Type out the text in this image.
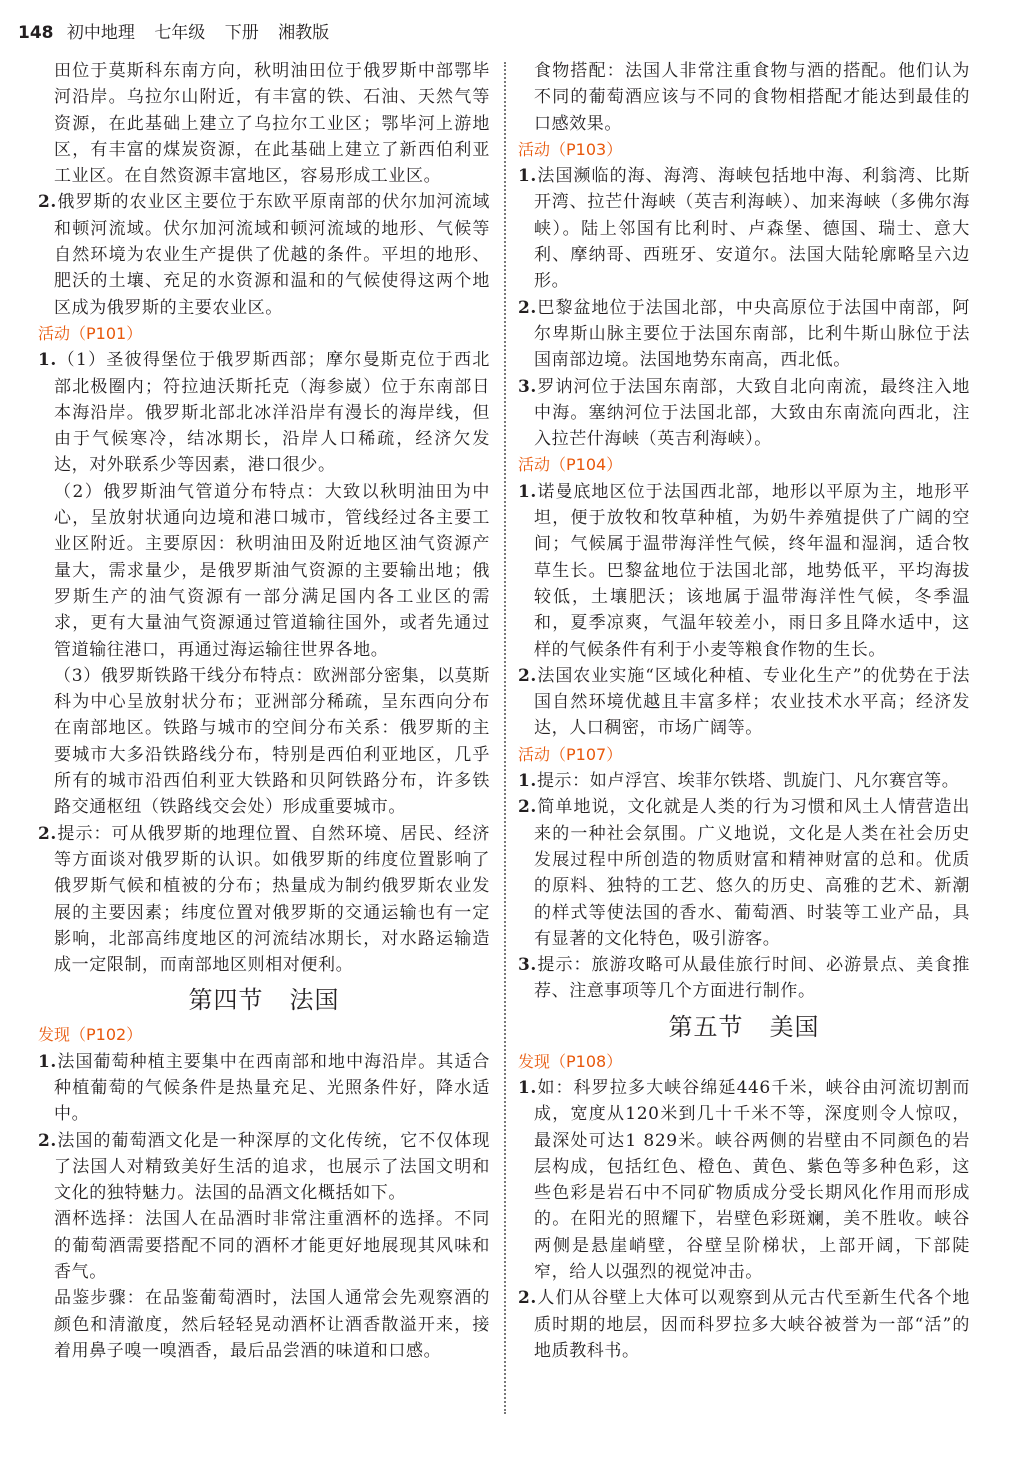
148 初中地理 七年级 下册 湘教版

田位于莫斯科东南方向，秋明油田位于俄罗斯中部鄂毕河沿岸。乌拉尔山附近，有丰富的铁、石油、天然气等资源，在此基础上建立了乌拉尔工业区；鄂毕河上游地区，有丰富的煤炭资源，在此基础上建立了新西伯利亚工业区。在自然资源丰富地区，容易形成工业区。

2.俄罗斯的农业区主要位于东欧平原南部的伏尔加河流域和顿河流域。伏尔加河流域和顿河流域的地形、气候等自然环境为农业生产提供了优越的条件。平坦的地形、肥沃的土壤、充足的水资源和温和的气候使得这两个地区成为俄罗斯的主要农业区。

活动（P101）

1.（1）圣彼得堡位于俄罗斯西部；摩尔曼斯克位于西北部北极圈内；符拉迪沃斯托克（海参崴）位于东南部日本海沿岸。俄罗斯北部北冰洋沿岸有漫长的海岸线，但由于气候寒冷，结冰期长，沿岸人口稀疏，经济欠发达，对外联系少等因素，港口很少。

（2）俄罗斯油气管道分布特点：大致以秋明油田为中心，呈放射状通向边境和港口城市，管线经过各主要工业区附近。主要原因：秋明油田及附近地区油气资源产量大，需求量少，是俄罗斯油气资源的主要输出地；俄罗斯生产的油气资源有一部分满足国内各工业区的需求，更有大量油气资源通过管道输往国外，或者先通过管道输往港口，再通过海运输往世界各地。

（3）俄罗斯铁路干线分布特点：欧洲部分密集，以莫斯科为中心呈放射状分布；亚洲部分稀疏，呈东西向分布在南部地区。铁路与城市的空间分布关系：俄罗斯的主要城市大多沿铁路线分布，特别是西伯利亚地区，几乎所有的城市沿西伯利亚大铁路和贝阿铁路分布，许多铁路交通枢纽（铁路线交会处）形成重要城市。

2.提示：可从俄罗斯的地理位置、自然环境、居民、经济等方面谈对俄罗斯的认识。如俄罗斯的纬度位置影响了俄罗斯气候和植被的分布；热量成为制约俄罗斯农业发展的主要因素；纬度位置对俄罗斯的交通运输也有一定影响，北部高纬度地区的河流结冰期长，对水路运输造成一定限制，而南部地区则相对便利。

第四节 法国

发现（P102）

1.法国葡萄种植主要集中在西南部和地中海沿岸。其适合种植葡萄的气候条件是热量充足、光照条件好，降水适中。

2.法国的葡萄酒文化是一种深厚的文化传统，它不仅体现了法国人对精致美好生活的追求，也展示了法国文明和文化的独特魅力。法国的品酒文化概括如下。

酒杯选择：法国人在品酒时非常注重酒杯的选择。不同的葡萄酒需要搭配不同的酒杯才能更好地展现其风味和香气。

品鉴步骤：在品鉴葡萄酒时，法国人通常会先观察酒的颜色和清澈度，然后轻轻晃动酒杯让酒香散溢开来，接着用鼻子嗅一嗅酒香，最后品尝酒的味道和口感。

食物搭配：法国人非常注重食物与酒的搭配。他们认为不同的葡萄酒应该与不同的食物相搭配才能达到最佳的口感效果。

活动（P103）

1.法国濒临的海、海湾、海峡包括地中海、利翁湾、比斯开湾、拉芒什海峡（英吉利海峡）、加来海峡（多佛尔海峡）。陆上邻国有比利时、卢森堡、德国、瑞士、意大利、摩纳哥、西班牙、安道尔。法国大陆轮廓略呈六边形。

2.巴黎盆地位于法国北部，中央高原位于法国中南部，阿尔卑斯山脉主要位于法国东南部，比利牛斯山脉位于法国南部边境。法国地势东南高，西北低。

3.罗讷河位于法国东南部，大致自北向南流，最终注入地中海。塞纳河位于法国北部，大致由东南流向西北，注入拉芒什海峡（英吉利海峡）。

活动（P104）

1.诺曼底地区位于法国西北部，地形以平原为主，地形平坦，便于放牧和牧草种植，为奶牛养殖提供了广阔的空间；气候属于温带海洋性气候，终年温和湿润，适合牧草生长。巴黎盆地位于法国北部，地势低平，平均海拔较低，土壤肥沃；该地属于温带海洋性气候，冬季温和，夏季凉爽，气温年较差小，雨日多且降水适中，这样的气候条件有利于小麦等粮食作物的生长。

2.法国农业实施“区域化种植、专业化生产”的优势在于法国自然环境优越且丰富多样；农业技术水平高；经济发达，人口稠密，市场广阔等。

活动（P107）

1.提示：如卢浮宫、埃菲尔铁塔、凯旋门、凡尔赛宫等。

2.简单地说，文化就是人类的行为习惯和风土人情营造出来的一种社会氛围。广义地说，文化是人类在社会历史发展过程中所创造的物质财富和精神财富的总和。优质的原料、独特的工艺、悠久的历史、高雅的艺术、新潮的样式等使法国的香水、葡萄酒、时装等工业产品，具有显著的文化特色，吸引游客。

3.提示：旅游攻略可从最佳旅行时间、必游景点、美食推荐、注意事项等几个方面进行制作。

第五节 美国

发现（P108）

1.如：科罗拉多大峡谷绵延446千米，峡谷由河流切割而成，宽度从120米到几十千米不等，深度则令人惊叹，最深处可达1 829米。峡谷两侧的岩壁由不同颜色的岩层构成，包括红色、橙色、黄色、紫色等多种色彩，这些色彩是岩石中不同矿物质成分受长期风化作用而形成的。在阳光的照耀下，岩壁色彩斑斓，美不胜收。峡谷两侧是悬崖峭壁，谷壁呈阶梯状，上部开阔，下部陡窄，给人以强烈的视觉冲击。

2.人们从谷壁上大体可以观察到从元古代至新生代各个地质时期的地层，因而科罗拉多大峡谷被誉为一部“活”的地质教科书。
